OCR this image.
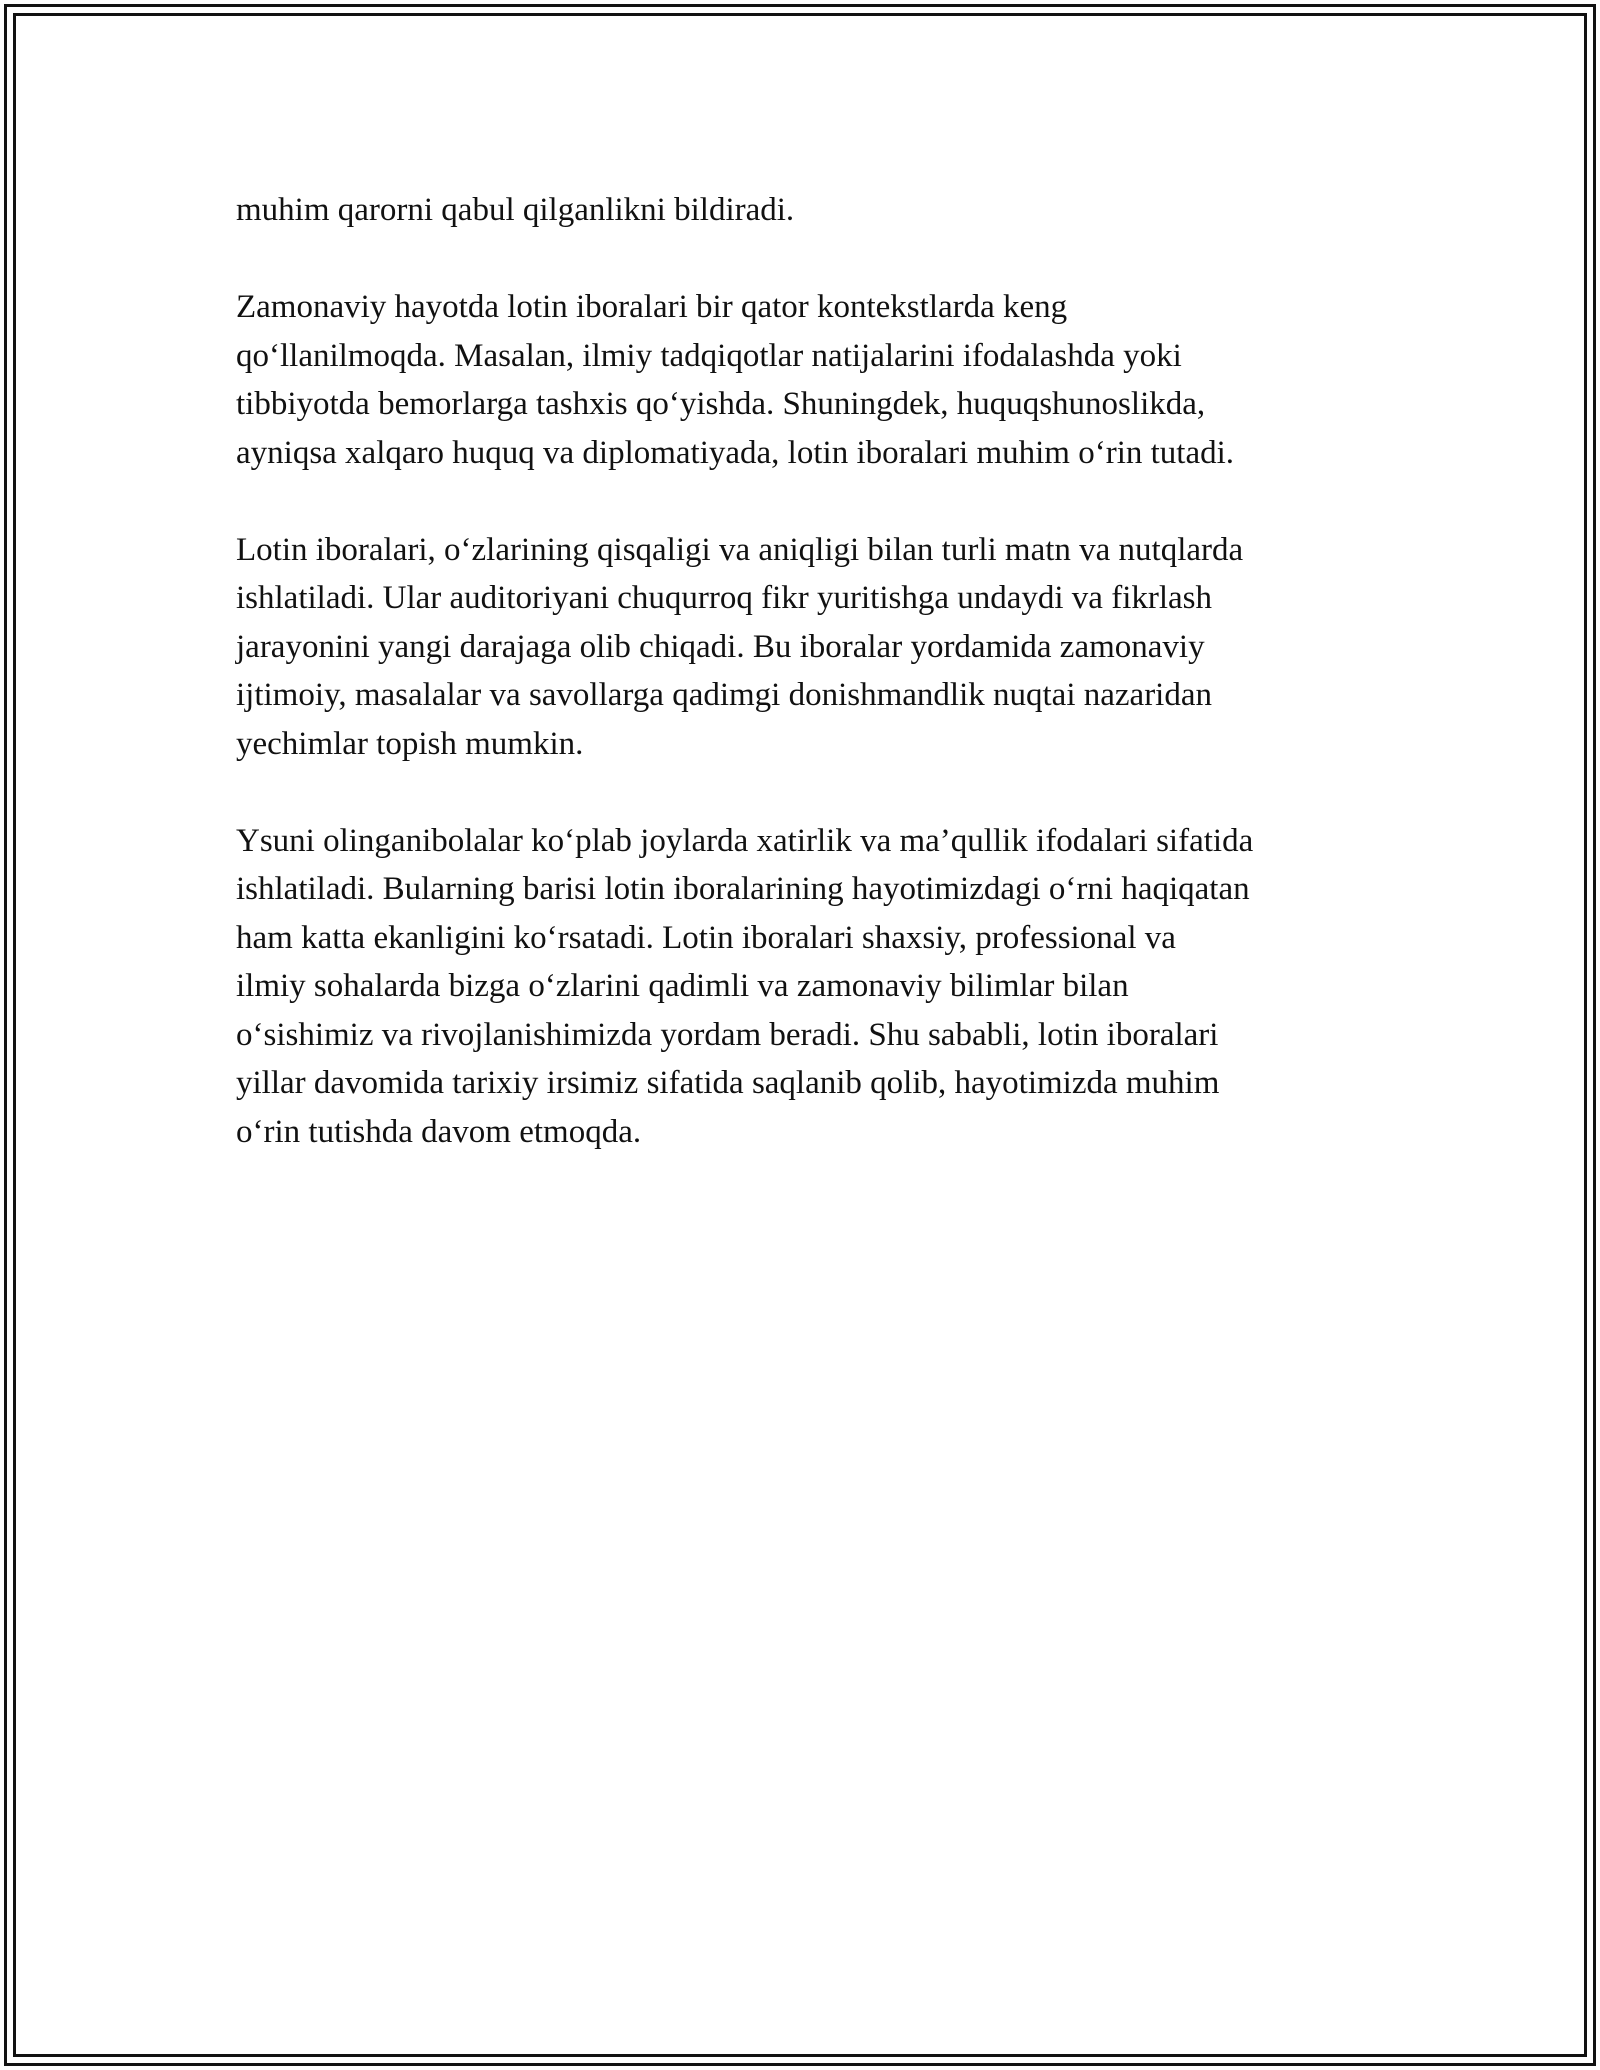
muhim qarorni qabul qilganlikni bildiradi.

Zamonaviy hayotda lotin iboralari bir qator kontekstlarda keng
qo‘llanilmoqda. Masalan, ilmiy tadqiqotlar natijalarini ifodalashda yoki
tibbiyotda bemorlarga tashxis qo‘yishda. Shuningdek, huquqshunoslikda,
ayniqsa xalqaro huquq va diplomatiyada, lotin iboralari muhim o‘rin tutadi.

Lotin iboralari, o‘zlarining qisqaligi va aniqligi bilan turli matn va nutqlarda
ishlatiladi. Ular auditoriyani chuqurroq fikr yuritishga undaydi va fikrlash
jarayonini yangi darajaga olib chiqadi. Bu iboralar yordamida zamonaviy
ijtimoiy, masalalar va savollarga qadimgi donishmandlik nuqtai nazaridan
yechimlar topish mumkin.

Ysuni olinganibolalar ko‘plab joylarda xatirlik va ma’qullik ifodalari sifatida
ishlatiladi. Bularning barisi lotin iboralarining hayotimizdagi o‘rni haqiqatan
ham katta ekanligini ko‘rsatadi. Lotin iboralari shaxsiy, professional va
ilmiy sohalarda bizga o‘zlarini qadimli va zamonaviy bilimlar bilan
o‘sishimiz va rivojlanishimizda yordam beradi. Shu sababli, lotin iboralari
yillar davomida tarixiy irsimiz sifatida saqlanib qolib, hayotimizda muhim
o‘rin tutishda davom etmoqda.
